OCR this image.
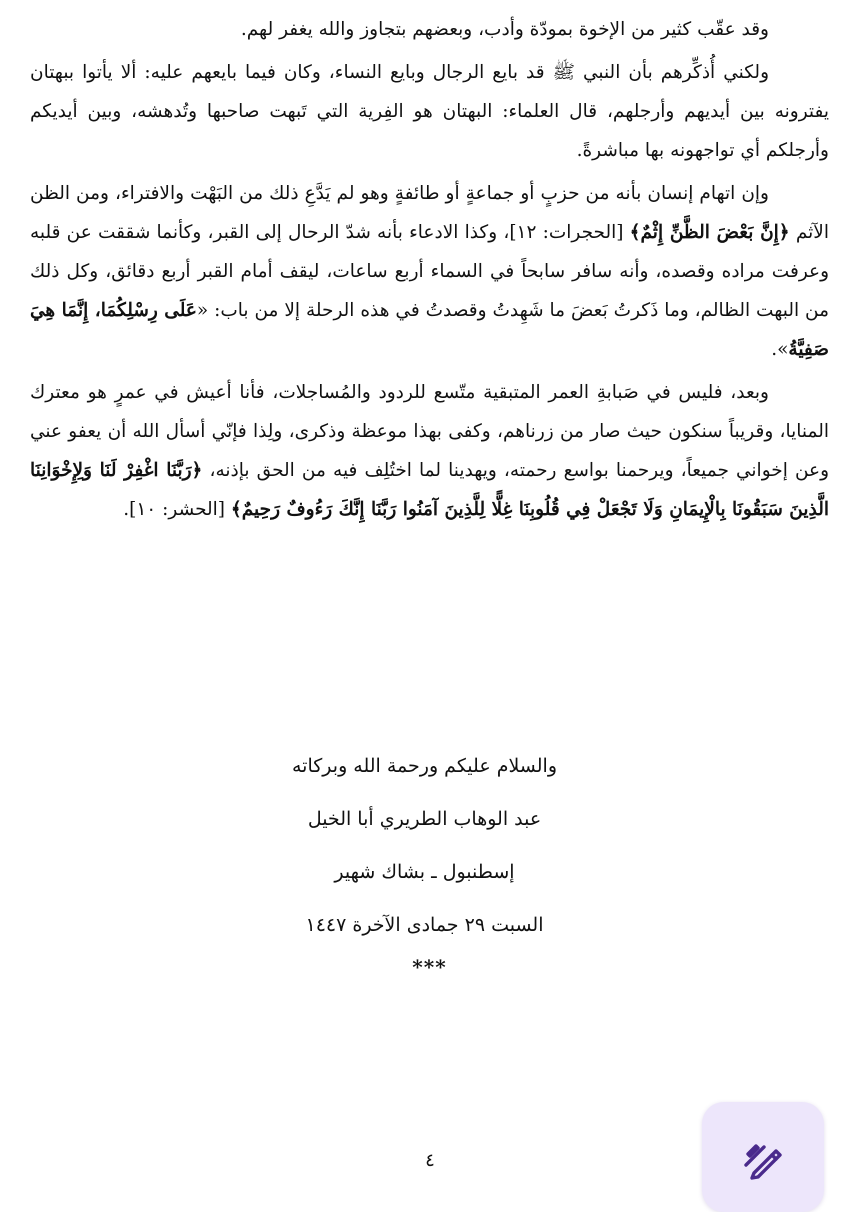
وقد عقّب كثير من الإخوة بمودّة وأدب، وبعضهم بتجاوز والله يغفر لهم.

ولكني أُذكِّرهم بأن النبي ﷺ قد بايع الرجال وبايع النساء، وكان فيما بايعهم عليه: ألا يأتوا ببهتان يفترونه بين أيديهم وأرجلهم، قال العلماء: البهتان هو الفِرية التي تَبهت صاحبها وتُدهشه، وبين أيديكم وأرجلكم أي تواجهونه بها مباشرةً.

وإن اتهام إنسان بأنه من حزبٍ أو جماعةٍ أو طائفةٍ وهو لم يَدَّعِ ذلك من البَهْت والافتراء، ومن الظن الآثم ﴿إِنَّ بَعْضَ الظَّنِّ إِثْمٌ﴾ [الحجرات: ١٢]، وكذا الادعاء بأنه شدّ الرحال إلى القبر، وكأنما شققت عن قلبه وعرفت مراده وقصده، وأنه سافر سابحاً في السماء أربع ساعات، ليقف أمام القبر أربع دقائق، وكل ذلك من البهت الظالم، وما ذَكرتُ بَعضَ ما شَهِدتُ وقصدتُ في هذه الرحلة إلا من باب: «عَلَى رِسْلِكُمَا، إِنَّمَا هِيَ صَفِيَّةُ».

وبعد، فليس في صَبابةِ العمر المتبقية متّسع للردود والمُساجلات، فأنا أعيش في عمرٍ هو معترك المنايا، وقريباً سنكون حيث صار من زرناهم، وكفى بهذا موعظة وذكرى، ولِذا فإنّي أسأل الله أن يعفو عني وعن إخواني جميعاً، ويرحمنا بواسع رحمته، ويهدينا لما اختُلِف فيه من الحق بإذنه، ﴿رَبَّنَا اغْفِرْ لَنَا وَلِإِخْوَانِنَا الَّذِينَ سَبَقُونَا بِالْإِيمَانِ وَلَا تَجْعَلْ فِي قُلُوبِنَا غِلًّا لِلَّذِينَ آمَنُوا رَبَّنَا إِنَّكَ رَءُوفٌ رَحِيمٌ﴾ [الحشر: ١٠].

والسلام عليكم ورحمة الله وبركاته
عبد الوهاب الطريري أبا الخيل
إسطنبول ـ بشاك شهير
السبت ٢٩ جمادى الآخرة ١٤٤٧
***
٤
